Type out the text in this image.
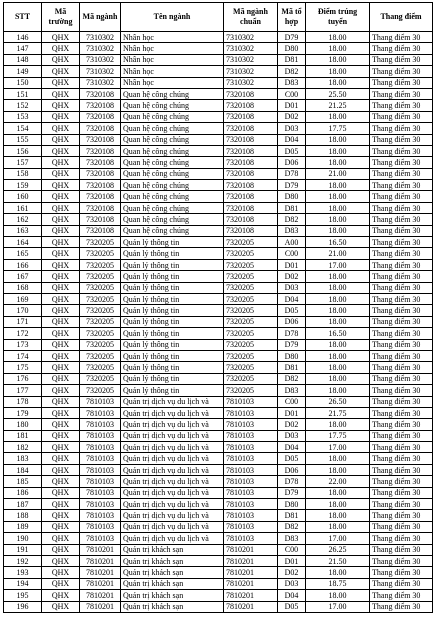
STT	Mã trường	Mã ngành	Tên ngành	Mã ngành chuẩn	Mã tổ hợp	Điểm trúng tuyển	Thang điểm
146	QHX	7310302	Nhân học	7310302	D79	18.00	Thang điểm 30
147	QHX	7310302	Nhân học	7310302	D80	18.00	Thang điểm 30
148	QHX	7310302	Nhân học	7310302	D81	18.00	Thang điểm 30
149	QHX	7310302	Nhân học	7310302	D82	18.00	Thang điểm 30
150	QHX	7310302	Nhân học	7310302	D83	18.00	Thang điểm 30
151	QHX	7320108	Quan hệ công chúng	7320108	C00	25.50	Thang điểm 30
152	QHX	7320108	Quan hệ công chúng	7320108	D01	21.25	Thang điểm 30
153	QHX	7320108	Quan hệ công chúng	7320108	D02	18.00	Thang điểm 30
154	QHX	7320108	Quan hệ công chúng	7320108	D03	17.75	Thang điểm 30
155	QHX	7320108	Quan hệ công chúng	7320108	D04	18.00	Thang điểm 30
156	QHX	7320108	Quan hệ công chúng	7320108	D05	18.00	Thang điểm 30
157	QHX	7320108	Quan hệ công chúng	7320108	D06	18.00	Thang điểm 30
158	QHX	7320108	Quan hệ công chúng	7320108	D78	21.00	Thang điểm 30
159	QHX	7320108	Quan hệ công chúng	7320108	D79	18.00	Thang điểm 30
160	QHX	7320108	Quan hệ công chúng	7320108	D80	18.00	Thang điểm 30
161	QHX	7320108	Quan hệ công chúng	7320108	D81	18.00	Thang điểm 30
162	QHX	7320108	Quan hệ công chúng	7320108	D82	18.00	Thang điểm 30
163	QHX	7320108	Quan hệ công chúng	7320108	D83	18.00	Thang điểm 30
164	QHX	7320205	Quản lý thông tin	7320205	A00	16.50	Thang điểm 30
165	QHX	7320205	Quản lý thông tin	7320205	C00	21.00	Thang điểm 30
166	QHX	7320205	Quản lý thông tin	7320205	D01	17.00	Thang điểm 30
167	QHX	7320205	Quản lý thông tin	7320205	D02	18.00	Thang điểm 30
168	QHX	7320205	Quản lý thông tin	7320205	D03	18.00	Thang điểm 30
169	QHX	7320205	Quản lý thông tin	7320205	D04	18.00	Thang điểm 30
170	QHX	7320205	Quản lý thông tin	7320205	D05	18.00	Thang điểm 30
171	QHX	7320205	Quản lý thông tin	7320205	D06	18.00	Thang điểm 30
172	QHX	7320205	Quản lý thông tin	7320205	D78	16.50	Thang điểm 30
173	QHX	7320205	Quản lý thông tin	7320205	D79	18.00	Thang điểm 30
174	QHX	7320205	Quản lý thông tin	7320205	D80	18.00	Thang điểm 30
175	QHX	7320205	Quản lý thông tin	7320205	D81	18.00	Thang điểm 30
176	QHX	7320205	Quản lý thông tin	7320205	D82	18.00	Thang điểm 30
177	QHX	7320205	Quản lý thông tin	7320205	D83	18.00	Thang điểm 30
178	QHX	7810103	Quản trị dịch vụ du lịch và	7810103	C00	26.50	Thang điểm 30
179	QHX	7810103	Quản trị dịch vụ du lịch và	7810103	D01	21.75	Thang điểm 30
180	QHX	7810103	Quản trị dịch vụ du lịch và	7810103	D02	18.00	Thang điểm 30
181	QHX	7810103	Quản trị dịch vụ du lịch và	7810103	D03	17.75	Thang điểm 30
182	QHX	7810103	Quản trị dịch vụ du lịch và	7810103	D04	17.00	Thang điểm 30
183	QHX	7810103	Quản trị dịch vụ du lịch và	7810103	D05	18.00	Thang điểm 30
184	QHX	7810103	Quản trị dịch vụ du lịch và	7810103	D06	18.00	Thang điểm 30
185	QHX	7810103	Quản trị dịch vụ du lịch và	7810103	D78	22.00	Thang điểm 30
186	QHX	7810103	Quản trị dịch vụ du lịch và	7810103	D79	18.00	Thang điểm 30
187	QHX	7810103	Quản trị dịch vụ du lịch và	7810103	D80	18.00	Thang điểm 30
188	QHX	7810103	Quản trị dịch vụ du lịch và	7810103	D81	18.00	Thang điểm 30
189	QHX	7810103	Quản trị dịch vụ du lịch và	7810103	D82	18.00	Thang điểm 30
190	QHX	7810103	Quản trị dịch vụ du lịch và	7810103	D83	17.00	Thang điểm 30
191	QHX	7810201	Quản trị khách sạn	7810201	C00	26.25	Thang điểm 30
192	QHX	7810201	Quản trị khách sạn	7810201	D01	21.50	Thang điểm 30
193	QHX	7810201	Quản trị khách sạn	7810201	D02	18.00	Thang điểm 30
194	QHX	7810201	Quản trị khách sạn	7810201	D03	18.75	Thang điểm 30
195	QHX	7810201	Quản trị khách sạn	7810201	D04	18.00	Thang điểm 30
196	QHX	7810201	Quản trị khách sạn	7810201	D05	17.00	Thang điểm 30
